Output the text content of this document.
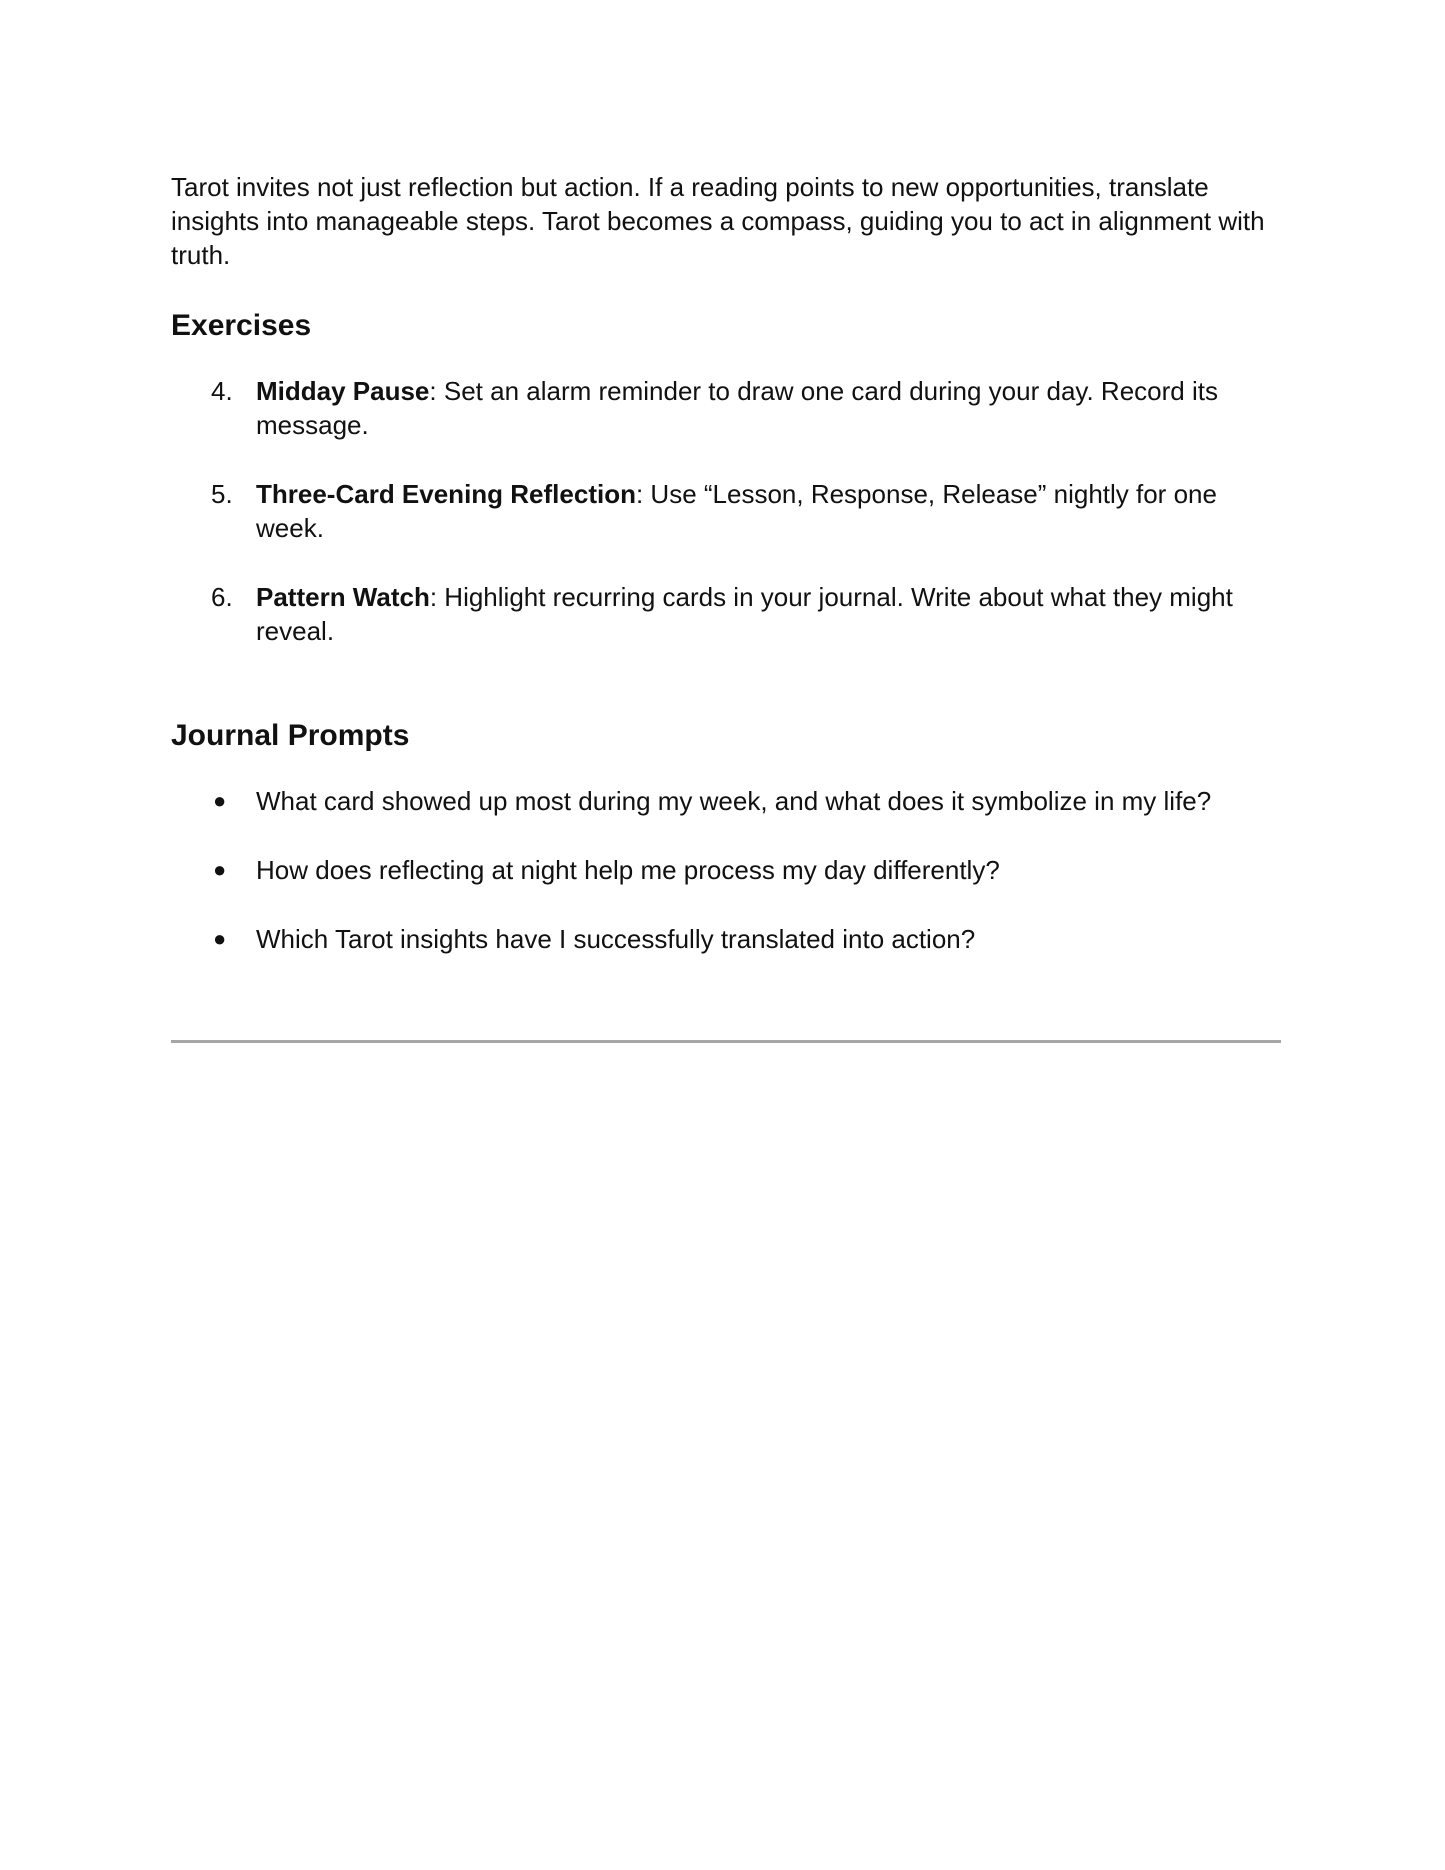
Tarot invites not just reflection but action. If a reading points to new opportunities, translate insights into manageable steps. Tarot becomes a compass, guiding you to act in alignment with truth.

Exercises
4. Midday Pause: Set an alarm reminder to draw one card during your day. Record its message.
5. Three-Card Evening Reflection: Use “Lesson, Response, Release” nightly for one week.
6. Pattern Watch: Highlight recurring cards in your journal. Write about what they might reveal.
Journal Prompts
● What card showed up most during my week, and what does it symbolize in my life?
● How does reflecting at night help me process my day differently?
● Which Tarot insights have I successfully translated into action?
